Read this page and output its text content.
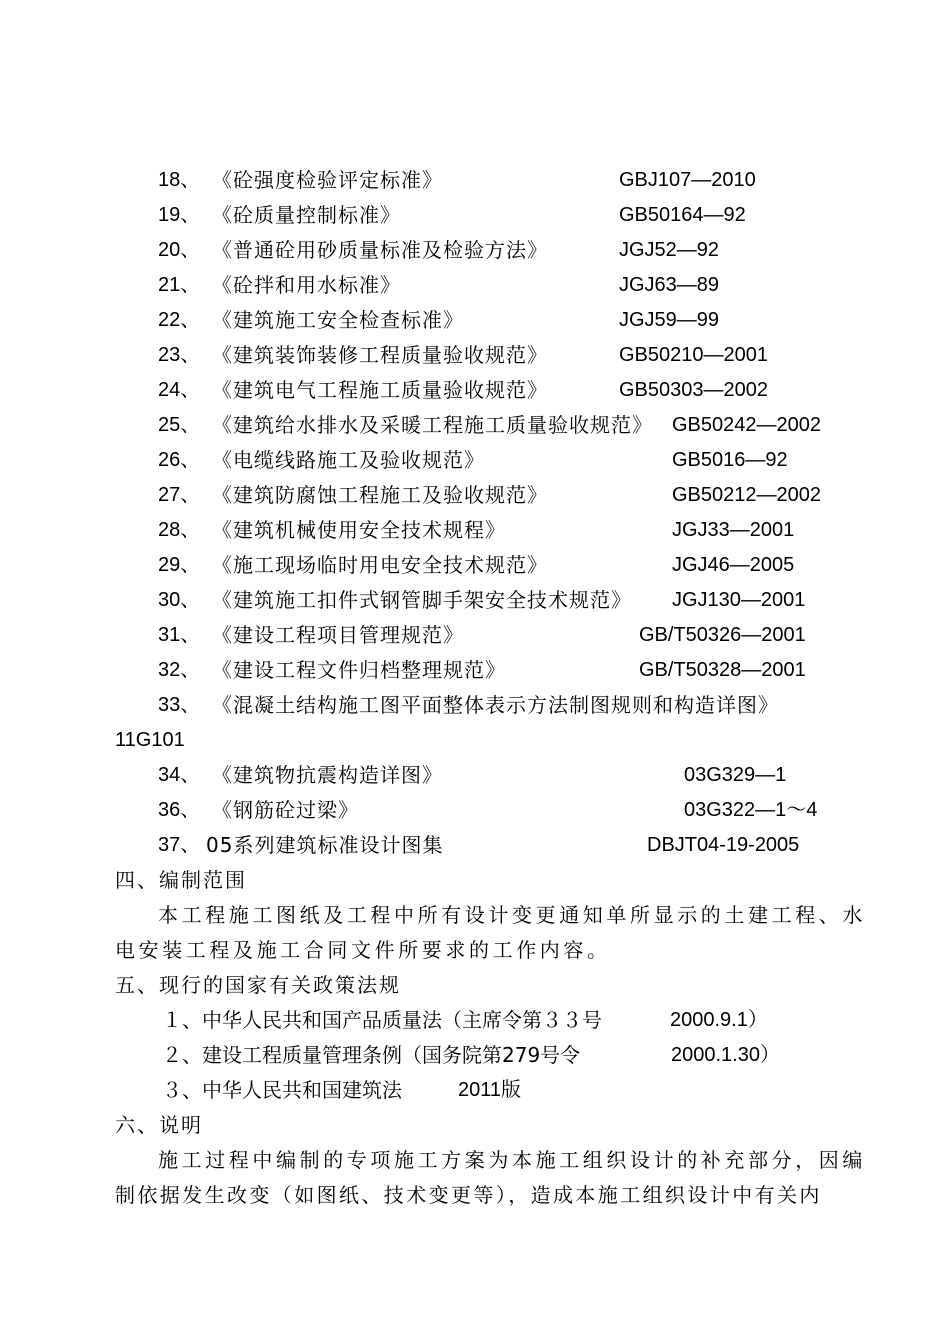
18、 《砼强度检验评定标准》	GBJ107—2010
19、 《砼质量控制标准》	GB50164—92
20、 《普通砼用砂质量标准及检验方法》	JGJ52—92
21、 《砼拌和用水标准》	JGJ63—89
22、 《建筑施工安全检查标准》	JGJ59—99
23、 《建筑装饰装修工程质量验收规范》	GB50210—2001
24、 《建筑电气工程施工质量验收规范》	GB50303—2002
25、 《建筑给水排水及采暖工程施工质量验收规范》 GB50242—2002
26、 《电缆线路施工及验收规范》	GB5016—92
27、 《建筑防腐蚀工程施工及验收规范》	GB50212—2002
28、 《建筑机械使用安全技术规程》	JGJ33—2001
29、 《施工现场临时用电安全技术规范》	JGJ46—2005
30、 《建筑施工扣件式钢管脚手架安全技术规范》 JGJ130—2001
31、 《建设工程项目管理规范》	GB/T50326—2001
32、 《建设工程文件归档整理规范》	GB/T50328—2001
33、 《混凝土结构施工图平面整体表示方法制图规则和构造详图》
11G101
34、 《建筑物抗震构造详图》	03G329—1
36、 《钢筋砼过梁》	03G322—1～4
37、 05系列建筑标准设计图集	DBJT04-19-2005
四、编制范围
本工程施工图纸及工程中所有设计变更通知单所显示的土建工程、水
电安装工程及施工合同文件所要求的工作内容。
五、现行的国家有关政策法规
１、中华人民共和国产品质量法（主席令第３３号	2000.9.1）
２、建设工程质量管理条例（国务院第279号令	2000.1.30）
３、中华人民共和国建筑法	2011版
六、说明
施工过程中编制的专项施工方案为本施工组织设计的补充部分，因编
制依据发生改变（如图纸、技术变更等），造成本施工组织设计中有关内
